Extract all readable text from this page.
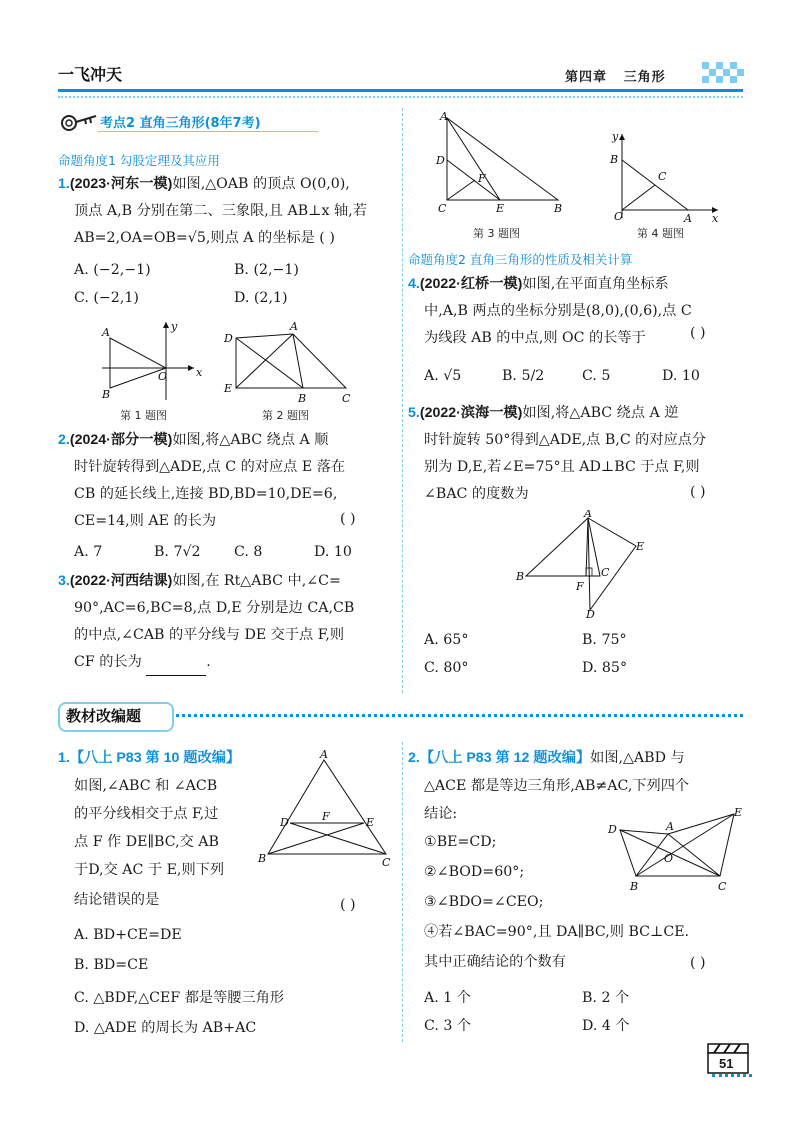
一飞冲天	第四章 三角形
考点2 直角三角形(8年7考)
命题角度1 勾股定理及其应用
1.(2023·河东一模)如图,△OAB 的顶点 O(0,0),
顶点 A,B 分别在第二、三象限,且 AB⊥x 轴,若
AB=2,OA=OB=√5,则点 A 的坐标是 ( )
A. (−2,−1)	B. (2,−1)
C. (−2,1)	D. (2,1)
A
B
O
y
x
第 1 题图
D
A
E
B	C
第 2 题图
2.(2024·部分一模)如图,将△ABC 绕点 A 顺
时针旋转得到△ADE,点 C 的对应点 E 落在
CB 的延长线上,连接 BD,BD=10,DE=6,
CE=14,则 AE 的长为	( )
A. 7	B. 7√2 C. 8	D. 10
3.(2022·河西结课)如图,在 Rt△ABC 中,∠C=
90°,AC=6,BC=8,点 D,E 分别是边 CA,CB
的中点,∠CAB 的平分线与 DE 交于点 F,则
CF 的长为	.
A
D
F
C	E	B
第 3 题图
y
B
C
O	A x
第 4 题图
命题角度2 直角三角形的性质及相关计算
4.(2022·红桥一模)如图,在平面直角坐标系
中,A,B 两点的坐标分别是(8,0),(0,6),点 C
为线段 AB 的中点,则 OC 的长等于	( )
A. √5	B. 5/2	C. 5	D. 10
5.(2022·滨海一模)如图,将△ABC 绕点 A 逆
时针旋转 50°得到△ADE,点 B,C 的对应点分
别为 D,E,若∠E=75°且 AD⊥BC 于点 F,则
∠BAC 的度数为	( )
A
E
B	C
F
D
A. 65°	B. 75°
C. 80°	D. 85°
教材改编题
1.【八上 P83 第 10 题改编】
如图,∠ABC 和 ∠ACB
的平分线相交于点 F,过
点 F 作 DE∥BC,交 AB
于D,交 AC 于 E,则下列
结论错误的是	( )
A
D	F	E
B	C
A. BD+CE=DE
B. BD=CE
C. △BDF,△CEF 都是等腰三角形
D. △ADE 的周长为 AB+AC
2.【八上 P83 第 12 题改编】如图,△ABD 与
△ACE 都是等边三角形,AB≠AC,下列四个
结论:
①BE=CD;
②∠BOD=60°;
③∠BDO=∠CEO;
④若∠BAC=90°,且 DA∥BC,则 BC⊥CE.
其中正确结论的个数有	( )
D	A
E
O
B	C
A. 1 个	B. 2 个
C. 3 个	D. 4 个
51
